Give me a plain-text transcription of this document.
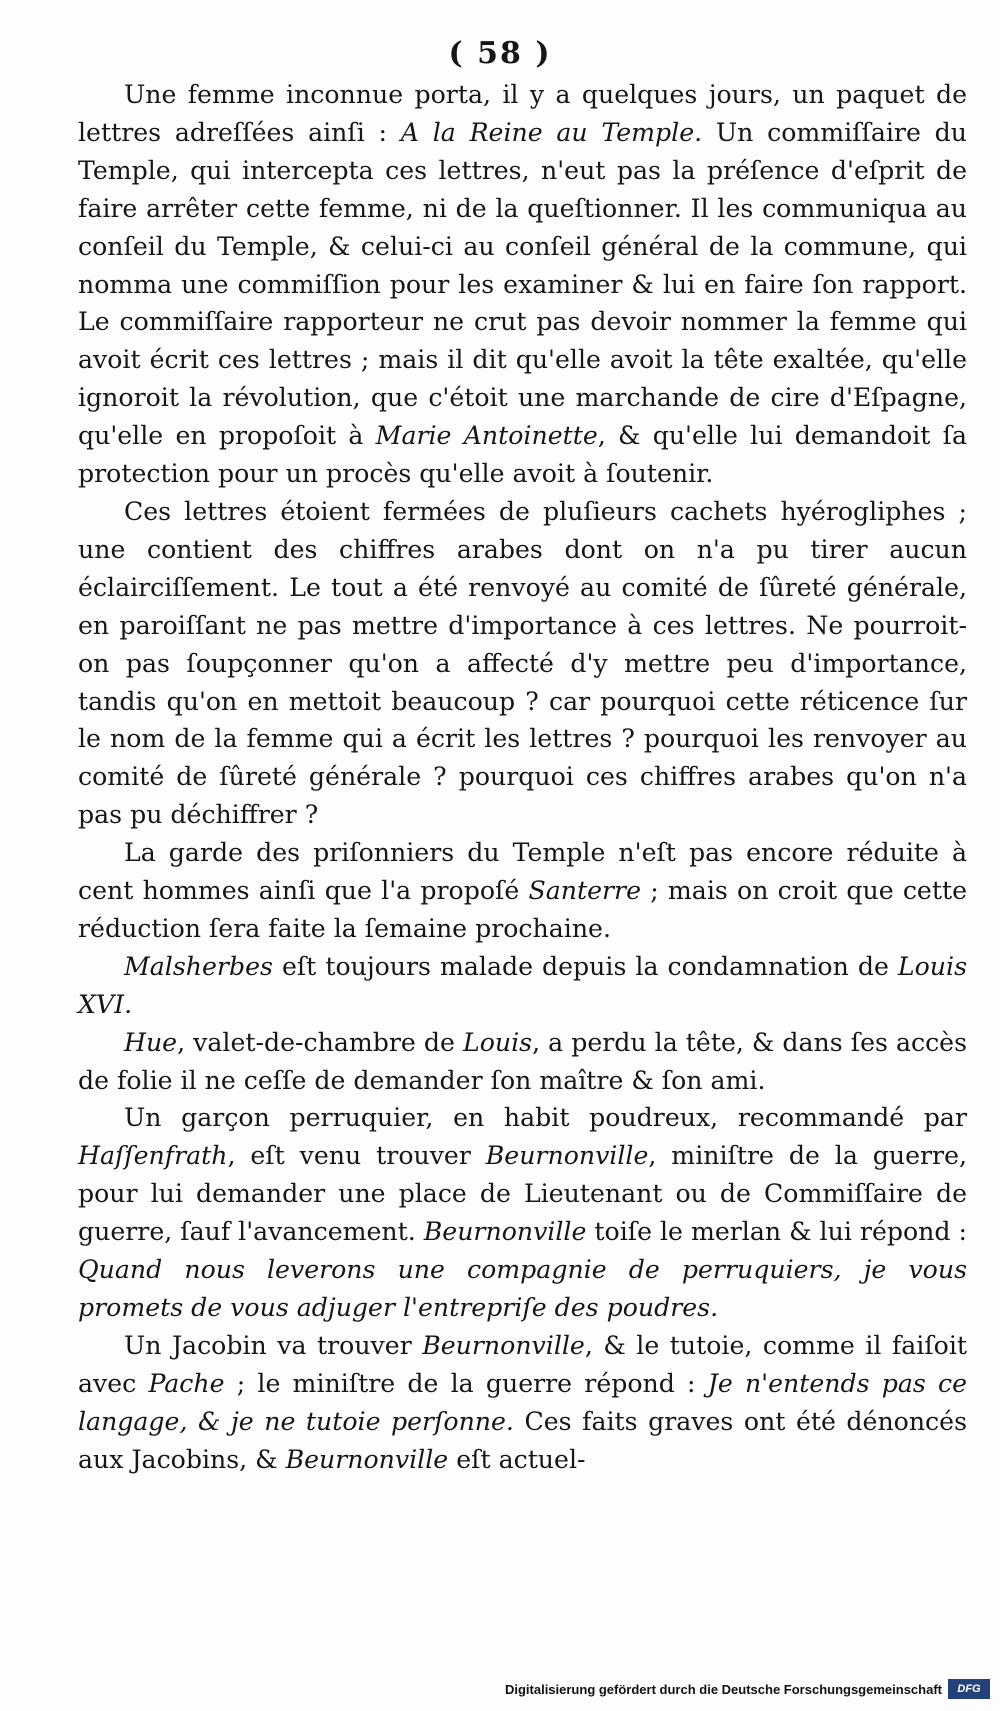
( 58 )

Une femme inconnue porta, il y a quelques jours, un paquet de lettres adreſſées ainſi : A la Reine au Temple. Un commiſſaire du Temple, qui intercepta ces lettres, n'eut pas la préſence d'eſprit de faire arrêter cette femme, ni de la queſtionner. Il les communiqua au conſeil du Temple, & celui-ci au conſeil général de la commune, qui nomma une commiſſion pour les examiner & lui en faire ſon rapport. Le commiſſaire rapporteur ne crut pas devoir nommer la femme qui avoit écrit ces lettres ; mais il dit qu'elle avoit la tête exaltée, qu'elle ignoroit la révolution, que c'étoit une marchande de cire d'Eſpagne, qu'elle en propoſoit à Marie Antoinette, & qu'elle lui demandoit ſa protection pour un procès qu'elle avoit à ſoutenir.

Ces lettres étoient fermées de pluſieurs cachets hyérogliphes ; une contient des chiffres arabes dont on n'a pu tirer aucun éclairciſſement. Le tout a été renvoyé au comité de ſûreté générale, en paroiſſant ne pas mettre d'importance à ces lettres. Ne pourroit-on pas ſoupçonner qu'on a affecté d'y mettre peu d'importance, tandis qu'on en mettoit beaucoup ? car pourquoi cette réticence ſur le nom de la femme qui a écrit les lettres ? pourquoi les renvoyer au comité de ſûreté générale ? pourquoi ces chiffres arabes qu'on n'a pas pu déchiffrer ?

La garde des priſonniers du Temple n'eſt pas encore réduite à cent hommes ainſi que l'a propoſé Santerre ; mais on croit que cette réduction ſera faite la ſemaine prochaine.

Malsherbes eſt toujours malade depuis la condamnation de Louis XVI.

Hue, valet-de-chambre de Louis, a perdu la tête, & dans ſes accès de folie il ne ceſſe de demander ſon maître & ſon ami.

Un garçon perruquier, en habit poudreux, recommandé par Haſſenfrath, eſt venu trouver Beurnonville, miniſtre de la guerre, pour lui demander une place de Lieutenant ou de Commiſſaire de guerre, ſauf l'avancement. Beurnonville toiſe le merlan & lui répond : Quand nous leverons une compagnie de perruquiers, je vous promets de vous adjuger l'entrepriſe des poudres.

Un Jacobin va trouver Beurnonville, & le tutoie, comme il faiſoit avec Pache ; le miniſtre de la guerre répond : Je n'entends pas ce langage, & je ne tutoie perſonne. Ces faits graves ont été dénoncés aux Jacobins, & Beurnonville eſt actuel-

Digitalisierung gefördert durch die Deutsche Forschungsgemeinschaft	DFG
